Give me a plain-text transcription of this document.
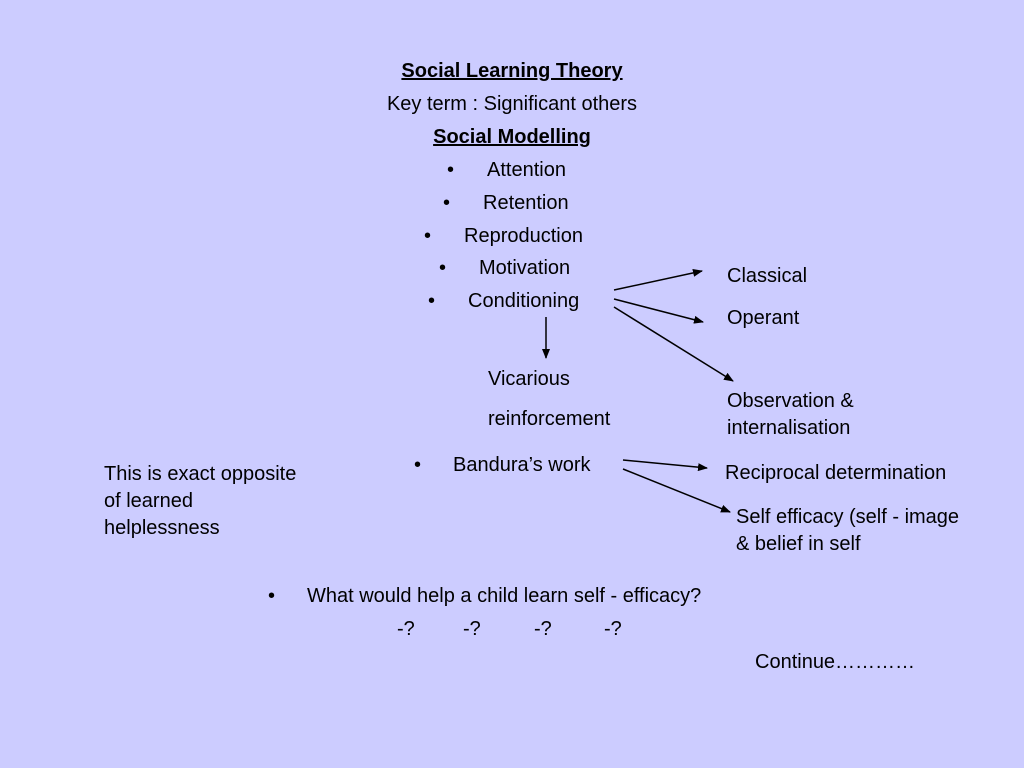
Social Learning Theory
Key term : Significant others
Social Modelling
• Attention
• Retention
• Reproduction
• Motivation
• Conditioning
Classical
Operant
Observation & internalisation
Vicarious
reinforcement
• Bandura’s work	Reciprocal determination
Self efficacy (self - image & belief in self
This is exact opposite of learned helplessness
• What would help a child learn self - efficacy?
-? -?	-?	-?
Continue…………
